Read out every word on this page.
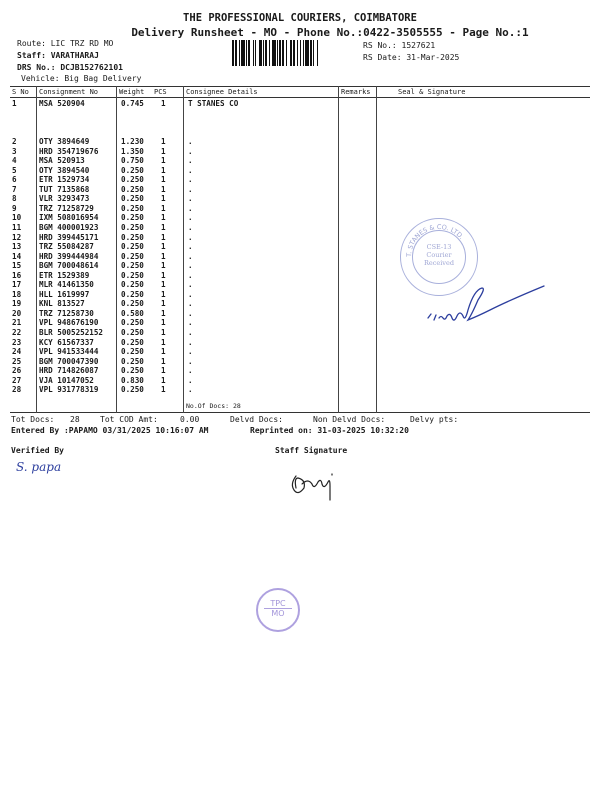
THE PROFESSIONAL COURIERS, COIMBATORE
Delivery Runsheet - MO - Phone No.:0422-3505555 - Page No.:1
Route: LIC TRZ RD MO
Staff: VARATHARAJ
DRS No.: DCJB152762101
Vehicle: Big Bag Delivery
RS No.: 1527621
RS Date: 31-Mar-2025
S No Consignment No	Weight PCS	Consignee Details	Remarks	Seal & Signature
1	MSA 520904	0.745 1	T STANES CO
2	OTY 3894649	1.230 1	.
3	HRD 354719676	1.350 1	.
4	MSA 520913	0.750 1	.
5	OTY 3894540	0.250 1	.
6	ETR 1529734	0.250 1	.
7	TUT 7135868	0.250 1	.
8	VLR 3293473	0.250 1	.
9	TRZ 71258729	0.250 1	.
10 IXM 508016954	0.250 1	.
11 BGM 400001923	0.250 1	.
12 HRD 399445171	0.250 1	.
13 TRZ 55084287	0.250 1	.
14 HRD 399444984	0.250 1	.
15 BGM 700048614	0.250 1	.
16 ETR 1529389	0.250 1	.
17 MLR 41461350	0.250 1	.
18 HLL 1619997	0.250 1	.
19 KNL 813527	0.250 1	.
20 TRZ 71258730	0.580 1	.
21 VPL 948676190	0.250 1	.
22 BLR 5005252152 0.250 1	.
23 KCY 61567337	0.250 1	.
24 VPL 941533444	0.250 1	.
25 BGM 700047390	0.250 1	.
26 HRD 714826087	0.250 1	.
27 VJA 10147052	0.830 1	.
28 VPL 931778319	0.250 1	.
No.Of Docs: 28
T. STANES & CO. LTD.
CSE-13
Courier
Received
Tot Docs: 28	Tot COD Amt:	0.00	Delvd Docs:	Non Delvd Docs:	Delvy pts:
Entered By :PAPAMO 03/31/2025 10:16:07 AM	Reprinted on: 31-03-2025 10:32:20
Verified By
S. papa
Staff Signature
TPC
MO
